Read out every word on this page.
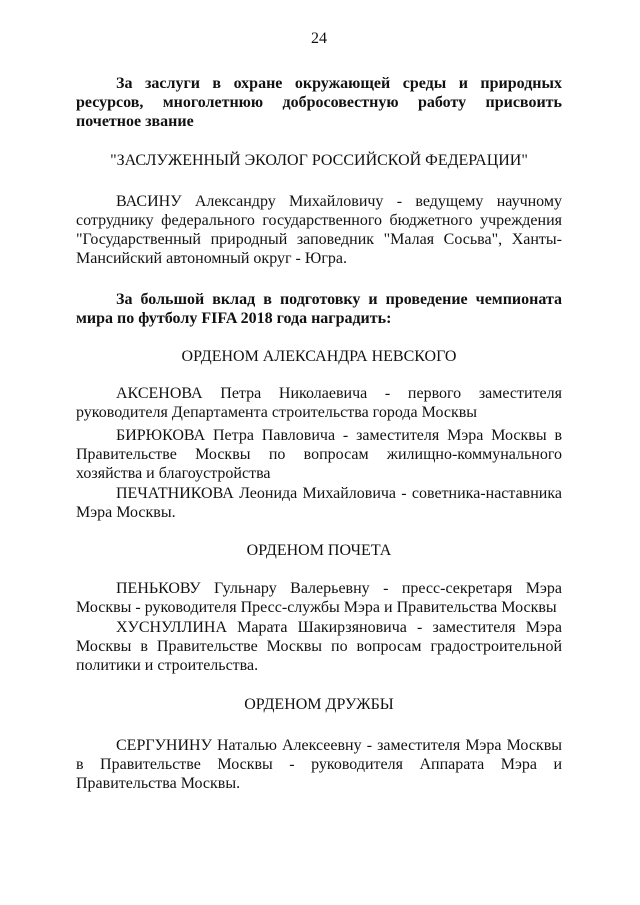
24
За заслуги в охране окружающей среды и природных ресурсов, многолетнюю добросовестную работу присвоить почетное звание
"ЗАСЛУЖЕННЫЙ ЭКОЛОГ РОССИЙСКОЙ ФЕДЕРАЦИИ"
ВАСИНУ Александру Михайловичу - ведущему научному сотруднику федерального государственного бюджетного учреждения "Государственный природный заповедник "Малая Сосьва", Ханты-Мансийский автономный округ - Югра.
За большой вклад в подготовку и проведение чемпионата мира по футболу FIFA 2018 года наградить:
ОРДЕНОМ АЛЕКСАНДРА НЕВСКОГО
АКСЕНОВА Петра Николаевича - первого заместителя руководителя Департамента строительства города Москвы
БИРЮКОВА Петра Павловича - заместителя Мэра Москвы в Правительстве Москвы по вопросам жилищно-коммунального хозяйства и благоустройства
ПЕЧАТНИКОВА Леонида Михайловича - советника-наставника Мэра Москвы.
ОРДЕНОМ ПОЧЕТА
ПЕНЬКОВУ Гульнару Валерьевну - пресс-секретаря Мэра Москвы - руководителя Пресс-службы Мэра и Правительства Москвы
ХУСНУЛЛИНА Марата Шакирзяновича - заместителя Мэра Москвы в Правительстве Москвы по вопросам градостроительной политики и строительства.
ОРДЕНОМ ДРУЖБЫ
СЕРГУНИНУ Наталью Алексеевну - заместителя Мэра Москвы в Правительстве Москвы - руководителя Аппарата Мэра и Правительства Москвы.
